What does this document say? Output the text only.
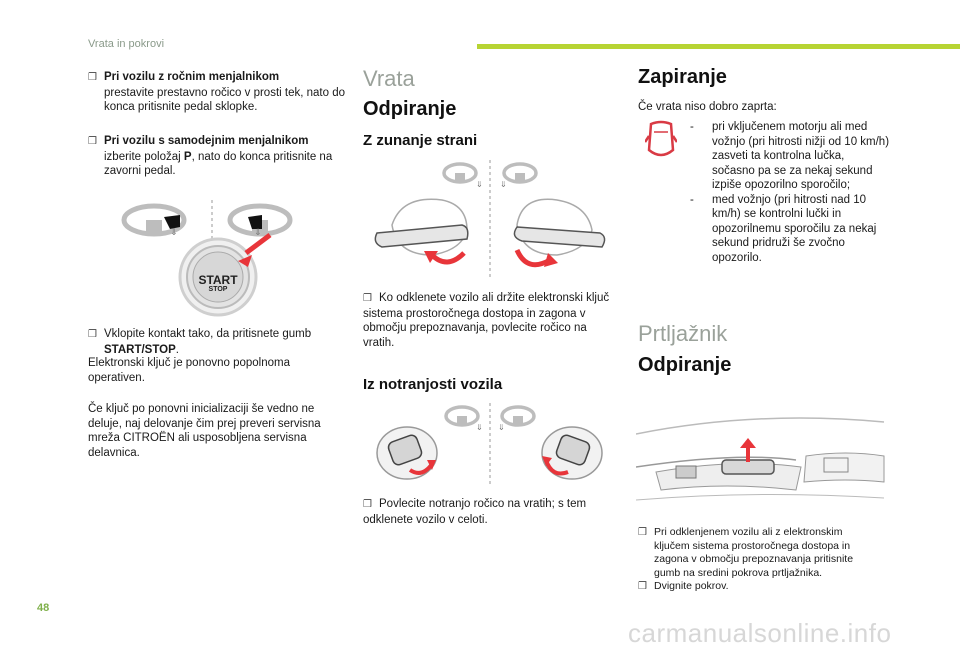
Vrata in pokrovi
❒ Pri vozilu z ročnim menjalnikom
prestavite prestavno ročico v prosti tek, nato do konca pritisnite pedal sklopke.
❒ Pri vozilu s samodejnim menjalnikom
izberite položaj P, nato do konca pritisnite na zavorni pedal.
⇓	⇓
START
STOP
❒ Vklopite kontakt tako, da pritisnete gumb
START/STOP.
Elektronski ključ je ponovno popolnoma operativen.
Če ključ po ponovni inicializaciji še vedno ne deluje, naj delovanje čim prej preveri servisna mreža CITROËN ali usposobljena servisna delavnica.
Vrata
Odpiranje
Z zunanje strani
⇓ ⇓
❒ Ko odklenete vozilo ali držite elektronski ključ sistema prostoročnega dostopa in zagona v območju prepoznavanja, povlecite ročico na vratih.
Iz notranjosti vozila
⇓ ⇓
❒ Povlecite notranjo ročico na vratih; s tem odklenete vozilo v celoti.
Zapiranje
Če vrata niso dobro zaprta:
-	pri vključenem motorju ali med vožnjo (pri hitrosti nižji od 10 km/h) zasveti ta kontrolna lučka, sočasno pa se za nekaj sekund izpiše opozorilno sporočilo;
-	med vožnjo (pri hitrosti nad 10 km/h) se kontrolni lučki in opozorilnemu sporočilu za nekaj sekund pridruži še zvočno opozorilo.
Prtljažnik
Odpiranje
❒ Pri odklenjenem vozilu ali z elektronskim ključem sistema prostoročnega dostopa in zagona v območju prepoznavanja pritisnite gumb na sredini pokrova prtljažnika.
❒ Dvignite pokrov.
48
carmanualsonline.info
